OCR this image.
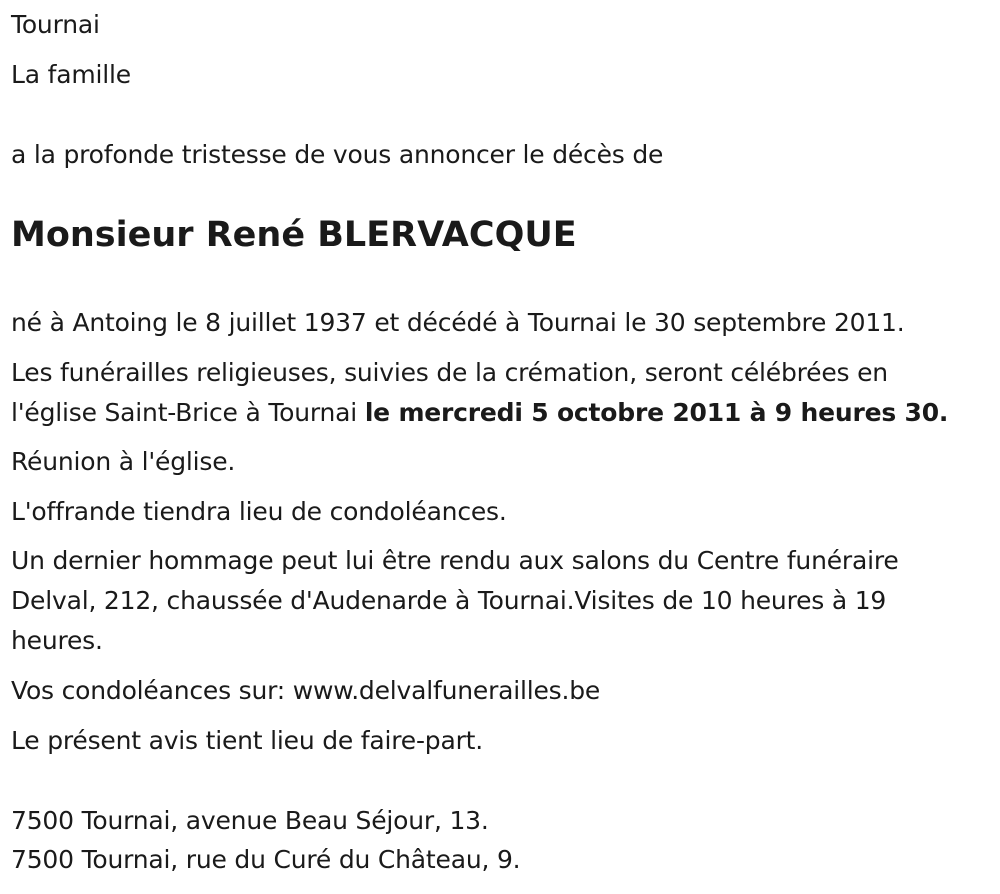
Tournai
La famille
a la profonde tristesse de vous annoncer le décès de
Monsieur René BLERVACQUE
né à Antoing le 8 juillet 1937 et décédé à Tournai le 30 septembre 2011.
Les funérailles religieuses, suivies de la crémation, seront célébrées en
l'église Saint-Brice à Tournai le mercredi 5 octobre 2011 à 9 heures 30.
Réunion à l'église.
L'offrande tiendra lieu de condoléances.
Un dernier hommage peut lui être rendu aux salons du Centre funéraire
Delval, 212, chaussée d'Audenarde à Tournai.Visites de 10 heures à 19
heures.
Vos condoléances sur: www.delvalfunerailles.be
Le présent avis tient lieu de faire-part.
7500 Tournai, avenue Beau Séjour, 13.
7500 Tournai, rue du Curé du Château, 9.
